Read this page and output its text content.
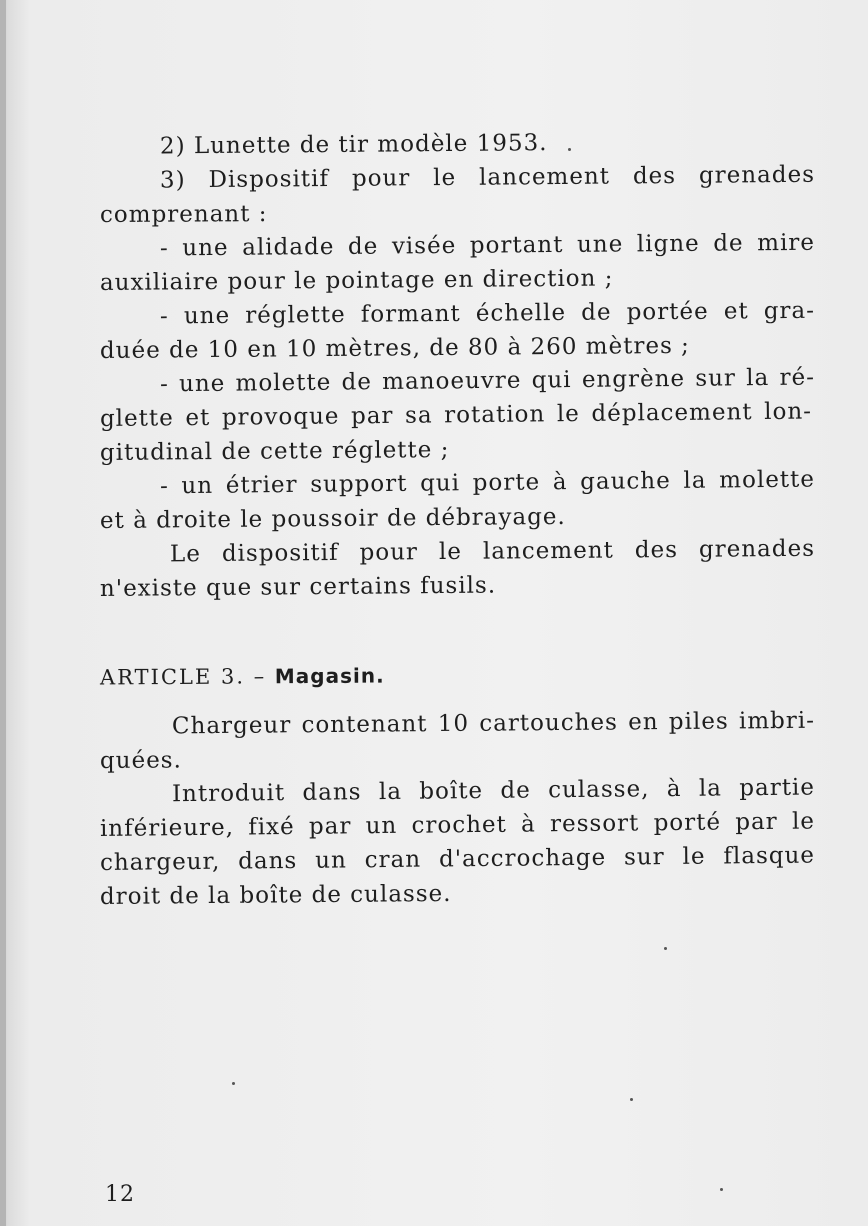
2) Lunette de tir modèle 1953.
3) Dispositif pour le lancement des grenades
comprenant :
- une alidade de visée portant une ligne de mire
auxiliaire pour le pointage en direction ;
- une réglette formant échelle de portée et gra-
duée de 10 en 10 mètres, de 80 à 260 mètres ;
- une molette de manoeuvre qui engrène sur la ré-
glette et provoque par sa rotation le déplacement lon-
gitudinal de cette réglette ;
- un étrier support qui porte à gauche la molette
et à droite le poussoir de débrayage.
Le dispositif pour le lancement des grenades
n'existe que sur certains fusils.
ARTICLE 3. – Magasin.
Chargeur contenant 10 cartouches en piles imbri-
quées.
Introduit dans la boîte de culasse, à la partie
inférieure, fixé par un crochet à ressort porté par le
chargeur, dans un cran d'accrochage sur le flasque
droit de la boîte de culasse.
12
